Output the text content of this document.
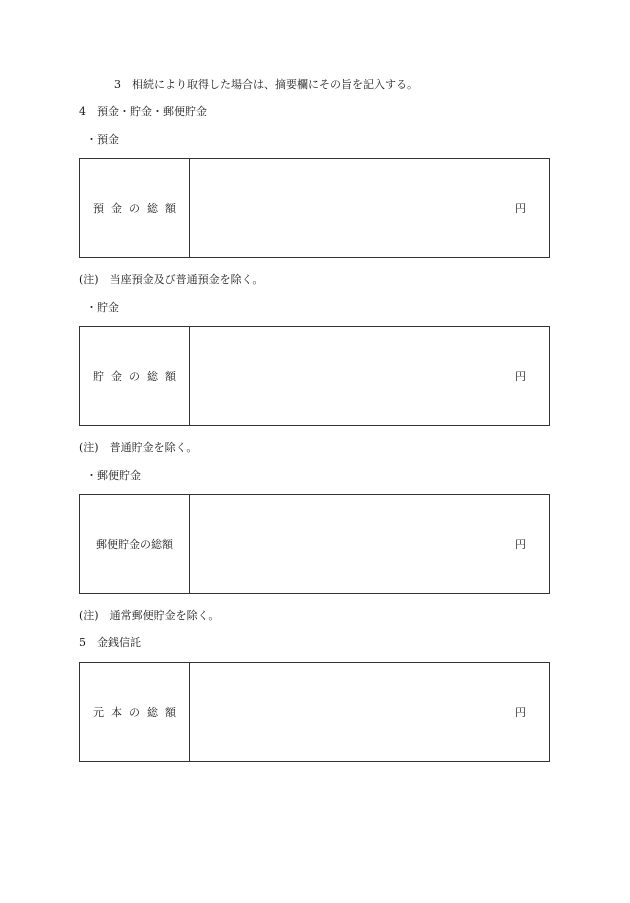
3　相続により取得した場合は、摘要欄にその旨を記入する。
4　預金・貯金・郵便貯金
・預金
預金の総額	円
(注)　当座預金及び普通預金を除く。
・貯金
貯金の総額	円
(注)　普通貯金を除く。
・郵便貯金
郵便貯金の総額	円
(注)　通常郵便貯金を除く。
5　金銭信託
元本の総額	円
